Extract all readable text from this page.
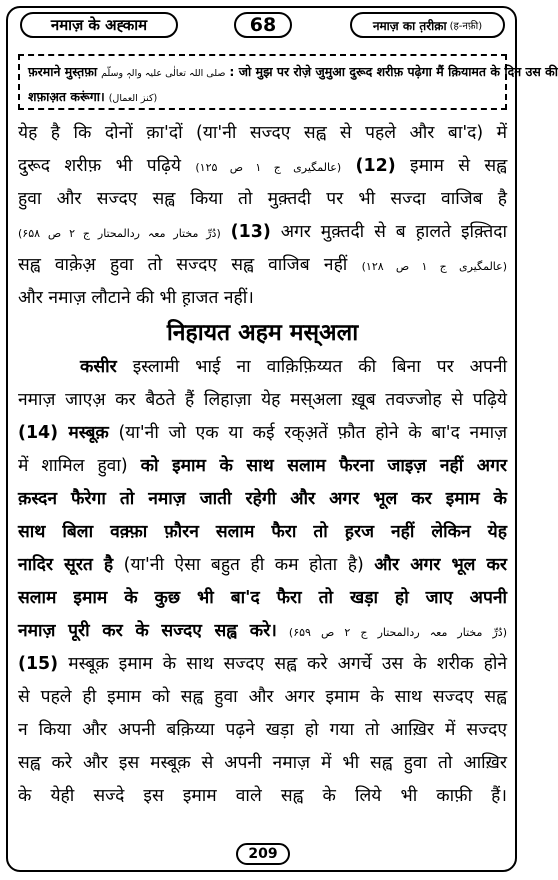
नमाज़ के अह्काम	68	नमाज़ का त़रीक़ा (ह-नफ़ी)
फ़रमाने मुस्त़फ़ा صلی اللہ تعالٰی علیہ والہٖ وسلّم : जो मुझ पर रोज़े जुमुआ दुरूद शरीफ़ पढ़ेगा मैं क़ियामत के दिन उस की
शफ़ाअ़त करूंगा। (کنز العمال)
येह है कि दोनों क़ा'दों (या'नी सज्दए सह्व से पहले और बा'द) में
दुरूद शरीफ़ भी पढ़िये (عالمگیری ج ۱ ص ۱۲۵) (12) इमाम से सह्व
हुवा और सज्दए सह्व किया तो मुक़्तदी पर भी सज्दा वाजिब है
(دُرِّ مختار معہ ردالمحتار ج ۲ ص ۶۵۸) (13) अगर मुक़्तदी से ब ह़ालते इक़्तिदा
सह्व वाक़ेअ़ हुवा तो सज्दए सह्व वाजिब नहीं (عالمگیری ج ۱ ص ۱۲۸)
और नमाज़ लौटाने की भी ह़ाजत नहीं।
निहायत अहम मस्अला
कसीर इस्लामी भाई ना वाक़िफ़िय्यत की बिना पर अपनी
नमाज़ जाएअ़ कर बैठते हैं लिहाज़ा येह मस्अला ख़ूब तवज्जोह से पढ़िये
(14) मस्बूक़ (या'नी जो एक या कई रक्अ़तें फ़ौत होने के बा'द नमाज़
में शामिल हुवा) को इमाम के साथ सलाम फैरना जाइज़ नहीं अगर
क़स्दन फैरेगा तो नमाज़ जाती रहेगी और अगर भूल कर इमाम के
साथ बिला वक़्फ़ा फ़ौरन सलाम फैरा तो ह़रज नहीं लेकिन येह
नादिर सूरत है (या'नी ऐसा बहुत ही कम होता है) और अगर भूल कर
सलाम इमाम के कुछ भी बा'द फैरा तो खड़ा हो जाए अपनी
नमाज़ पूरी कर के सज्दए सह्व करे। (دُرِّ مختار معہ ردالمحتار ج ۲ ص ۶۵۹)
(15) मस्बूक़ इमाम के साथ सज्दए सह्व करे अगर्चे उस के शरीक होने
से पहले ही इमाम को सह्व हुवा और अगर इमाम के साथ सज्दए सह्व
न किया और अपनी बक़िय्या पढ़ने खड़ा हो गया तो आख़िर में सज्दए
सह्व करे और इस मस्बूक़ से अपनी नमाज़ में भी सह्व हुवा तो आख़िर
के येही सज्दे इस इमाम वाले सह्व के लिये भी काफ़ी हैं।
209
